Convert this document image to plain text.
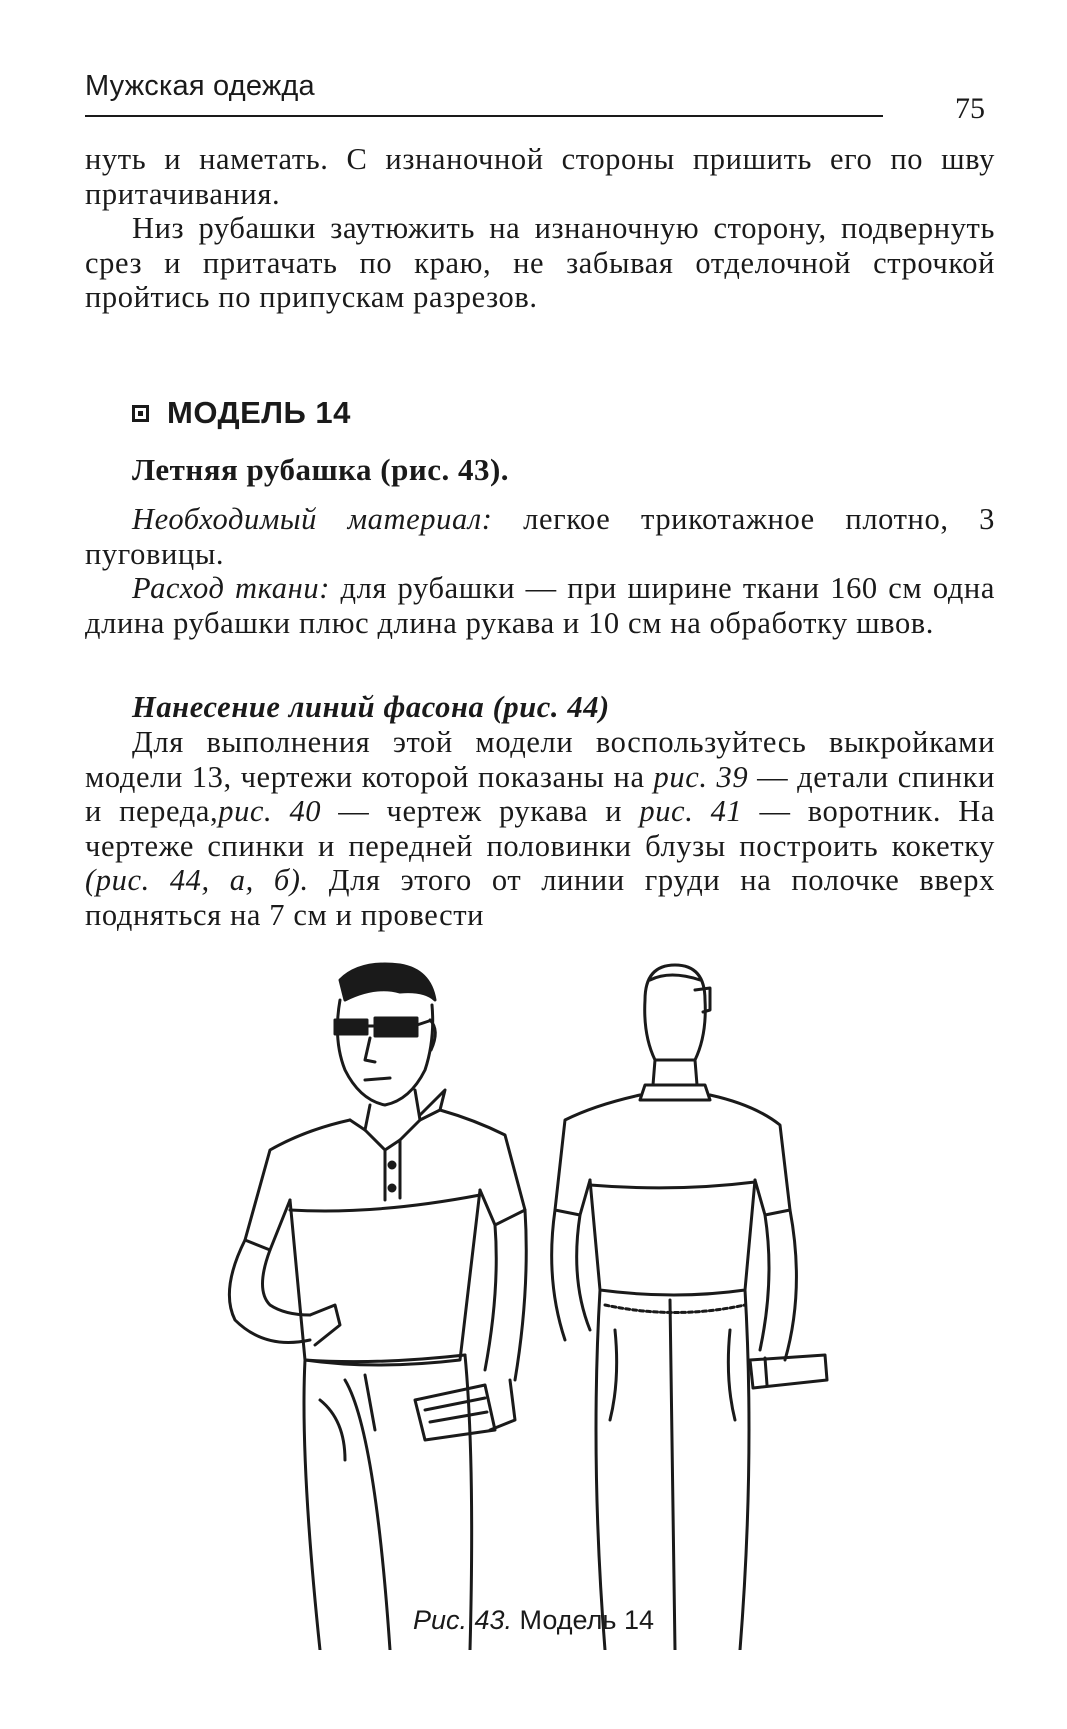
Мужская одежда
75

нуть и наметать. С изнаночной стороны пришить его по шву притачивания.

Низ рубашки заутюжить на изнаночную сторону, подвернуть срез и притачать по краю, не забывая отделочной строчкой пройтись по припускам разрезов.

МОДЕЛЬ 14
Летняя рубашка (рис. 43).

Необходимый материал: легкое трикотажное плотно, 3 пуговицы.

Расход ткани: для рубашки — при ширине ткани 160 см одна длина рубашки плюс длина рукава и 10 см на обработку швов.

Нанесение линий фасона (рис. 44)

Для выполнения этой модели воспользуйтесь выкройками модели 13, чертежи которой показаны на рис. 39 — детали спинки и переда,рис. 40 — чертеж рукава и рис. 41 — воротник. На чертеже спинки и передней половинки блузы построить кокетку (рис. 44, а, б). Для этого от линии груди на полочке вверх подняться на 7 см и провести

Рис. 43. Модель 14
